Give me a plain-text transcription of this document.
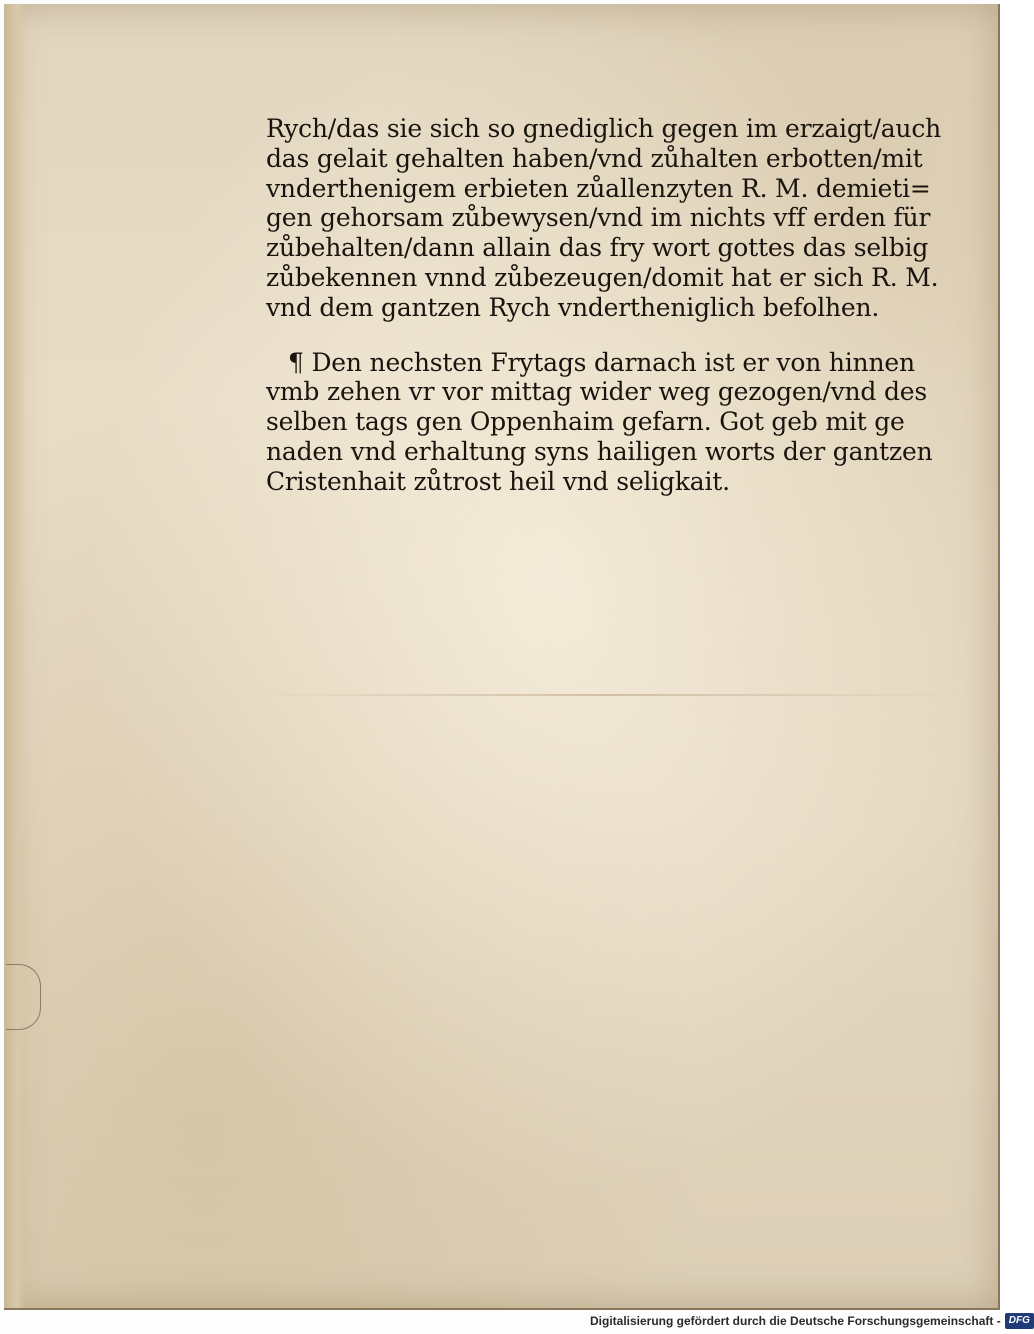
Rych/das sie sich so gnediglich gegen im erzaigt/auch
das gelait gehalten haben/vnd zůhalten erbotten/mit
vnderthenigem erbieten zůallenzyten R. M. demieti=
gen gehorsam zůbewysen/vnd im nichts vff erden für
zůbehalten/dann allain das fry wort gottes das selbig
zůbekennen vnnd zůbezeugen/domit hat er sich R. M.
vnd dem gantzen Rych vndertheniglich befolhen.
¶ Den nechsten Frytags darnach ist er von hinnen
vmb zehen vr vor mittag wider weg gezogen/vnd des
selben tags gen Oppenhaim gefarn. Got geb mit ge
naden vnd erhaltung syns hailigen worts der gantzen
Cristenhait zůtrost heil vnd seligkait.
Digitalisierung gefördert durch die Deutsche Forschungsgemeinschaft - DFG
